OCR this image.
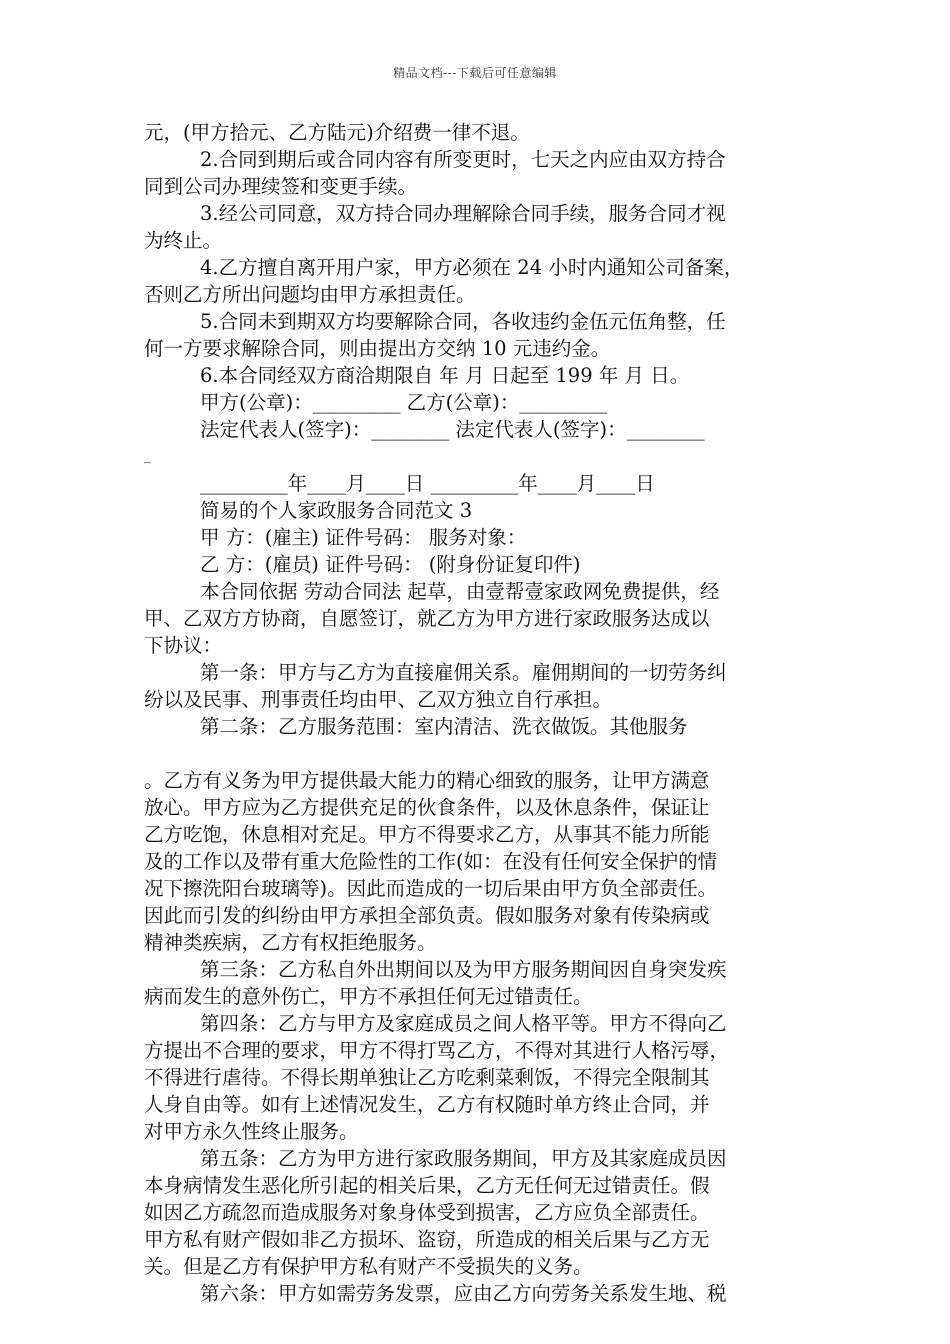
精品文档---下载后可任意编辑
元，(甲方拾元、乙方陆元)介绍费一律不退。
2.合同到期后或合同内容有所变更时，七天之内应由双方持合
同到公司办理续签和变更手续。
3.经公司同意，双方持合同办理解除合同手续，服务合同才视
为终止。
4.乙方擅自离开用户家，甲方必须在 24 小时内通知公司备案，
否则乙方所出问题均由甲方承担责任。
5.合同未到期双方均要解除合同，各收违约金伍元伍角整，任
何一方要求解除合同，则由提出方交纳 10 元违约金。
6.本合同经双方商洽期限自 年 月 日起至 199 年 月 日。
甲方(公章)：_________ 乙方(公章)：_________
法定代表人(签字)：________ 法定代表人(签字)：________
_
_________年____月____日 _________年____月____日
简易的个人家政服务合同范文 3
甲 方：(雇主) 证件号码： 服务对象：
乙 方：(雇员) 证件号码： (附身份证复印件)
本合同依据 劳动合同法 起草，由壹帮壹家政网免费提供，经
甲、乙双方方协商，自愿签订，就乙方为甲方进行家政服务达成以
下协议：
第一条：甲方与乙方为直接雇佣关系。雇佣期间的一切劳务纠
纷以及民事、刑事责任均由甲、乙双方独立自行承担。
第二条：乙方服务范围：室内清洁、洗衣做饭。其他服务
。乙方有义务为甲方提供最大能力的精心细致的服务，让甲方满意
放心。甲方应为乙方提供充足的伙食条件，以及休息条件，保证让
乙方吃饱，休息相对充足。甲方不得要求乙方，从事其不能力所能
及的工作以及带有重大危险性的工作(如：在没有任何安全保护的情
况下擦洗阳台玻璃等)。因此而造成的一切后果由甲方负全部责任。
因此而引发的纠纷由甲方承担全部负责。假如服务对象有传染病或
精神类疾病，乙方有权拒绝服务。
第三条：乙方私自外出期间以及为甲方服务期间因自身突发疾
病而发生的意外伤亡，甲方不承担任何无过错责任。
第四条：乙方与甲方及家庭成员之间人格平等。甲方不得向乙
方提出不合理的要求，甲方不得打骂乙方，不得对其进行人格污辱，
不得进行虐待。不得长期单独让乙方吃剩菜剩饭，不得完全限制其
人身自由等。如有上述情况发生，乙方有权随时单方终止合同，并
对甲方永久性终止服务。
第五条：乙方为甲方进行家政服务期间，甲方及其家庭成员因
本身病情发生恶化所引起的相关后果，乙方无任何无过错责任。假
如因乙方疏忽而造成服务对象身体受到损害，乙方应负全部责任。
甲方私有财产假如非乙方损坏、盗窃，所造成的相关后果与乙方无
关。但是乙方有保护甲方私有财产不受损失的义务。
第六条：甲方如需劳务发票，应由乙方向劳务关系发生地、税
